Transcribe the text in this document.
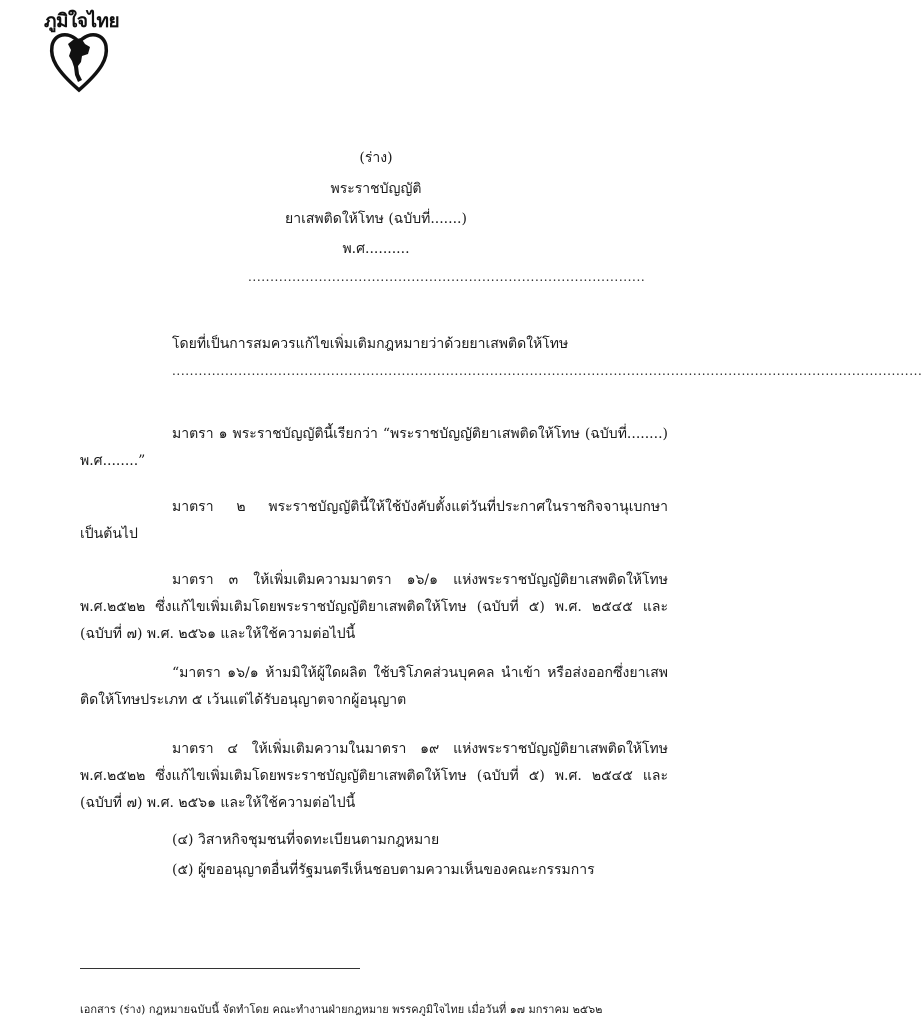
ภูมิใจไทย
(ร่าง)
พระราชบัญญัติ
ยาเสพติดให้โทษ (ฉบับที่.......)
พ.ศ..........
..........................................................................................
โดยที่เป็นการสมควรแก้ไขเพิ่มเติมกฎหมายว่าด้วยยาเสพติดให้โทษ
..........................................................................................................................................................................
มาตรา ๑ พระราชบัญญัตินี้เรียกว่า “พระราชบัญญัติยาเสพติดให้โทษ (ฉบับที่........) พ.ศ........”
มาตรา ๒ พระราชบัญญัตินี้ให้ใช้บังคับตั้งแต่วันที่ประกาศในราชกิจจานุเบกษาเป็นต้นไป
มาตรา ๓ ให้เพิ่มเติมความมาตรา ๑๖/๑ แห่งพระราชบัญญัติยาเสพติดให้โทษ พ.ศ.๒๕๒๒ ซึ่งแก้ไขเพิ่มเติมโดยพระราชบัญญัติยาเสพติดให้โทษ (ฉบับที่ ๕) พ.ศ. ๒๕๔๕ และ (ฉบับที่ ๗) พ.ศ. ๒๕๖๑ และให้ใช้ความต่อไปนี้
“มาตรา ๑๖/๑ ห้ามมิให้ผู้ใดผลิต ใช้บริโภคส่วนบุคคล นำเข้า หรือส่งออกซึ่งยาเสพติดให้โทษประเภท ๕ เว้นแต่ได้รับอนุญาตจากผู้อนุญาต
มาตรา ๔ ให้เพิ่มเติมความในมาตรา ๑๙ แห่งพระราชบัญญัติยาเสพติดให้โทษ พ.ศ.๒๕๒๒ ซึ่งแก้ไขเพิ่มเติมโดยพระราชบัญญัติยาเสพติดให้โทษ (ฉบับที่ ๕) พ.ศ. ๒๕๔๕ และ (ฉบับที่ ๗) พ.ศ. ๒๕๖๑ และให้ใช้ความต่อไปนี้
(๔) วิสาหกิจชุมชนที่จดทะเบียนตามกฎหมาย
(๕) ผู้ขออนุญาตอื่นที่รัฐมนตรีเห็นชอบตามความเห็นของคณะกรรมการ
เอกสาร (ร่าง) กฎหมายฉบับนี้ จัดทำโดย คณะทำงานฝ่ายกฎหมาย พรรคภูมิใจไทย เมื่อวันที่ ๑๗ มกราคม ๒๕๖๒
